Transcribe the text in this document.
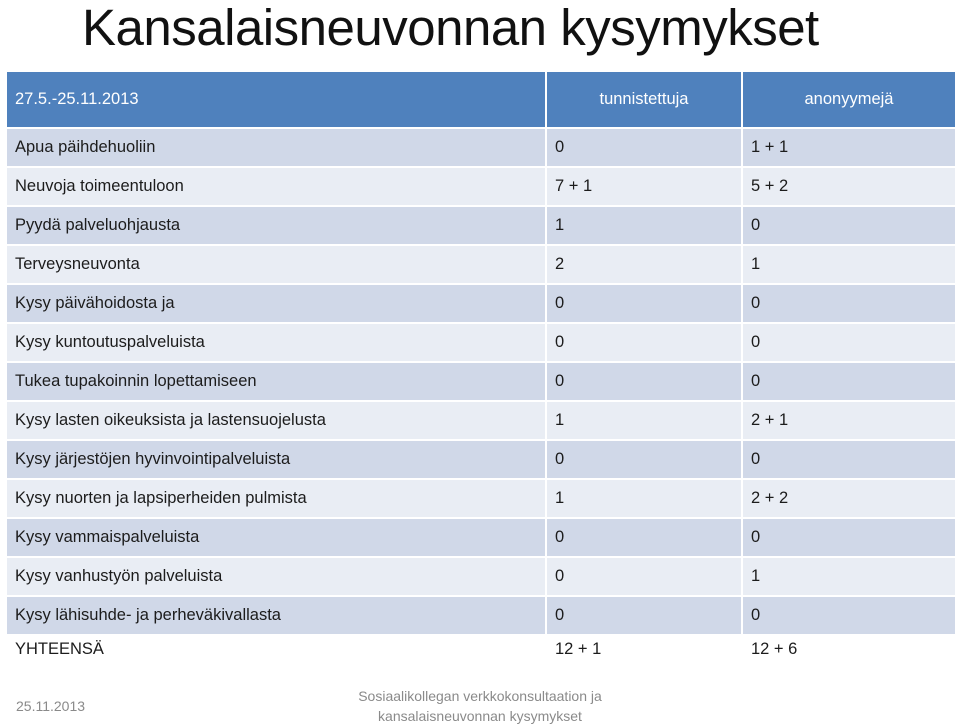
Kansalaisneuvonnan kysymykset
27.5.-25.11.2013	tunnistettuja	anonyymejä
Apua päihdehuoliin	0	1 + 1
Neuvoja toimeentuloon	7 + 1	5 + 2
Pyydä palveluohjausta	1	0
Terveysneuvonta	2	1
Kysy päivähoidosta ja	0	0
Kysy kuntoutuspalveluista	0	0
Tukea tupakoinnin lopettamiseen	0	0
Kysy lasten oikeuksista ja lastensuojelusta	1	2 + 1
Kysy järjestöjen hyvinvointipalveluista	0	0
Kysy nuorten ja lapsiperheiden pulmista	1	2 + 2
Kysy vammaispalveluista	0	0
Kysy vanhustyön palveluista	0	1
Kysy lähisuhde- ja perheväkivallasta	0	0
YHTEENSÄ	12 + 1	12 + 6
25.11.2013
Sosiaalikollegan verkkokonsultaation ja
kansalaisneuvonnan kysymykset
